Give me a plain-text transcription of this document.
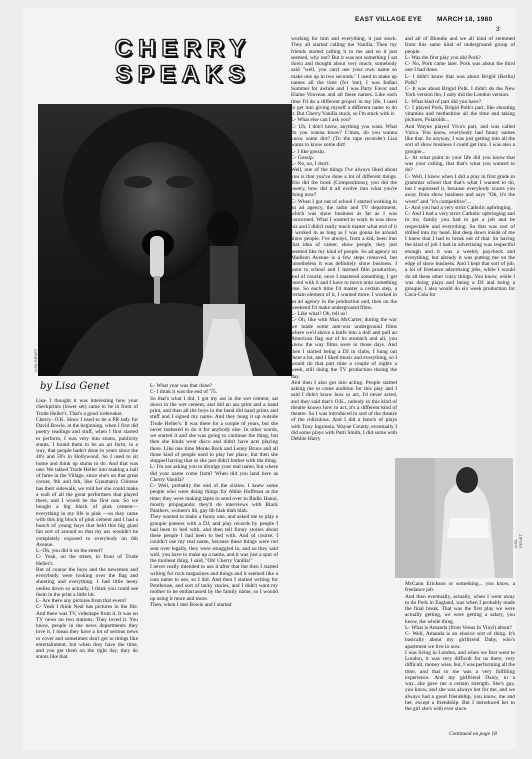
EAST VILLAGE EYE MARCH 18, 1980
3
CHERRY
SPEAKS
LISA GENET
by Lisa Genet
Lisa- I thought it was interesting how your checkprints (lower set) came to be in front of Trude Heller's. That's a good icebreaker.
Cherry- O.K. Since I used to be a PR lady for David Bowie, at the beginning, when I first did poetry readings and stuff, when I first started to perform, I was very into stunts, publicity stunts. I found them to be an art form, in a way, that people hadn't done in years since the 40's and 50's in Hollywood. So I used to sit home and think up stunts to do. And that was one. We talked Trude Heller into making a hall of fame in the Village, since she's on that great corner, 9th and 6th, like Grauman's Chinese has their sidewalk, we told her she could make a wall of all the great performers that played there, and I would be the first one. So we bought a big block of pink cement—everything in my life is pink —so they came with this big block of pink cement and I had a bunch of young boys that held this big giant fan sort of around so that my ass wouldn't be completely exposed to everybody on 6th Avenue.
L- Oh, you did it on the street?
C- Yeah, on the street, in front of Trude Heller's.
But of course the boys and the newsmen and everybody were looking over the flag and shooting and everything. I had little teeny undies down so actually, I think you could see them in the print a little bit.
L- Are there any pictures from that event?
C- Yeah I think Neal has pictures in the file. And there was TV, videotape from it. It was on TV news on two stations. They loved it. You know, people in the news departments they love it, I mean they have a lot of serious news to cover and sometimes don't get to things like entertainment, but when they have the time, and you get them on the right day, they do stunts like that.
L- What year was that done?
C- I think it was the end of '75.
So that's what I did, I got my ass in the wet cement, sat down in the wet cement, and did an ass print and a hand print, and then all the boys in the band did hand prints and stuff and I signed my name. And they hung it up outside Trude Heller's. It was there for a couple of years, but she never bothered to do it for anybody else. In other words, we started it and she was going to continue the thing, but then she kinda went disco and didn't have acts playing there. Like one time Monte Rock and Lenny Bruce and all those kind of people used to play her place, but then she stopped having that so she just didn't bother with the thing.
L- I'm not asking you to divulge your real name, but where did your name come from? When did you land here as Cherry Vanilla?
C- Well, probably the end of the sixties. I knew some people who were doing things for Abbie Hoffman at the time; they were making tapes to send over to Radio Hanoi, mostly propaganda: they'd do interviews with Black Panthers, women's lib, gay lib blah blah blah.
They wanted to make a funny one, and asked me to play a groupie poetess with a DJ, and play records by people I had been to bed with, and then tell funny stories about these people I had been to bed with. And of course, I couldn't use my real name, because these things were not sent over legally, they were smuggled in, and so they said well, you have to make up a name, and it was just a spur of the moment thing. I said, "Oh! Cherry Vanilla!"
I never really intended to use it after that but then I started writing for rock magazines and things and it seemed like a cute name to use, so I did. And then I started writing for Penthouse, and sort of tacky stories, and I didn't want my mother to be embarrassed by the family name, so I wound up using it more and more.
Then, when I met Bowie and I started
working for him and everything, it just stuck. They all started calling me Vanilla. Then my friends started calling it to me and so it just seemed, why not? But it was not something I sat down and thought about very much; somebody said "well, you can't use your own name so make one up in two seconds." I used to make up names all the time (for 'me), I was Indian Summer for awhile and I was Party Favor and Elaine Vouveau and all these names. Like each time I'd do a different project in my life, I used to get into giving myself a different name to do it. But Cherry Vanilla stuck, so I'm stuck with it.
L- What else can I ask you?
C- Uh, I don't know, anything you want. What do you wanna know? C'mon, do you wanna know some dirt? (To the tape recorder) Lisa wants to know some dirt!
L- I like gossip.
C- Gossip.
L- No, no, I don't.
Well, one of the things I've always liked about you is that you've done a lot of different things. You did the book (Compositions), you did the poetry, how did it all evolve into what you're doing now?
C- When I got out of school I started working in an ad agency, the radio and TV department, which was show business as far as I was concerned. What I wanted to work in was show biz and I didn't really much matter what end of it I worked in as long as I was gonna be around show people. I've always, from a kid, been into that idea of career, show people, they just seemed like my kind of people. So ad agency on Madison Avenue is a few steps removed, but nonetheless it was definitely show business. I went to school and I learned film production, and of course, once I mastered something, I get bored with it and I have to move onto something else. So each time I'd master a certain step, a certain element of it, I wanted more. I worked in an ad agency in the production end, then on the weekend I'd make underground films.
L- Like what? Oh, tell us!
C- Oh, like with Max McCarter, during the war we made some anti-war underground films where we'd shove a knife into a doll and pull an American flag out of its stomach and all, you know the way films were in those days. And then I started being a DJ in clubs, I hung out there a lot, and I liked music and everything, so I would do that part time a couple of nights a week, still doing the TV production during the day.
And then I also got into acting. People started asking me to come audition for this play and I said I didn't know how to act, I'd never acted, and they said that's O.K., nobody in this kind of theatre knows how to act, it's a different kind of theatre. So I was introduced to sort of the theatre of the ridiculous. And I did a bunch of plays with Tony Ingrassia, Wayne County, eventually I did some plays with Patti Smith, I did some with Debbie Harry
and all of Blondie and we all kind of stemmed from this same kind of underground group of people.
L- Was the first play you did Pork?
C- No, Pork came later. Pork was about the third one I had done.
L- I didn't know that was about Brigid (Berlin) Polk?
C- It was about Brigid Polk. I didn't do the New York version tho, I only did the London version.
L- What kind of part did you have?
C- I played Pork, Brigid Polk's part, like shooting vitamins and methedrine all the time and taking pictures, Polaroids...
And Wayne played Viva's part, and was called Vulva. You know, everybody had funny names like that. So anyway, I was just getting into all the sort of show business I could get into. I was also a groupie...
L- At what point in your life did you know that was your calling, that that's what you wanted to do?
C- Well, I knew when I did a play in first grade in grammar school that that's what I wanted to do, but I supressed it, because everybody scares you away from show business and says "Oh, it's the worst" and "it's competitive"...
L- And you had a very strict Catholic upbringing.
C- And I had a very strict Catholic upbringing and in my family you had to get a job and be respectable and everything. So that was sort of drilled into my head. But deep down inside of me I knew that I had to break out of that. So having the kind of job I had in advertising was respectful enough and it was a weekly paycheck and everything, but already it was putting me on the edge of show business. And I kept that sort of job, a lot of freelance advertising jobs, while I would do all these other crazy things. You know, while I was doing plays and being a DJ and being a groupie, I also would do six week production for Coca-Cola for
LISA GENET
McCann Erickson or something... you know, a freelance job.
And then eventually, actually, when I went away to do Pork in England, was when I probably made the final break. That was the first play we were actually getting, we were getting a salary, you know, the whole thing.
L- What is Amanda (from Venus In Vinyl) about?
C- Well, Amanda is an elusive sort of thing. It's basically about my girlfriend Dahy, who's apartment we live in now.
I was living in London, and when we first went to London, it was very difficult for us there, very difficult, money wise, but, I was performing all the time, and that to me was a very fulfilling experience. And my girlfriend Daisy, in a way...she gave me a certain strength. She's gay, you know, and she was always hot for me, and we always had a good friendship, you know, me and her, except a friendship. But I introduced her to the girl she's with ever since.
Continued on page 18
